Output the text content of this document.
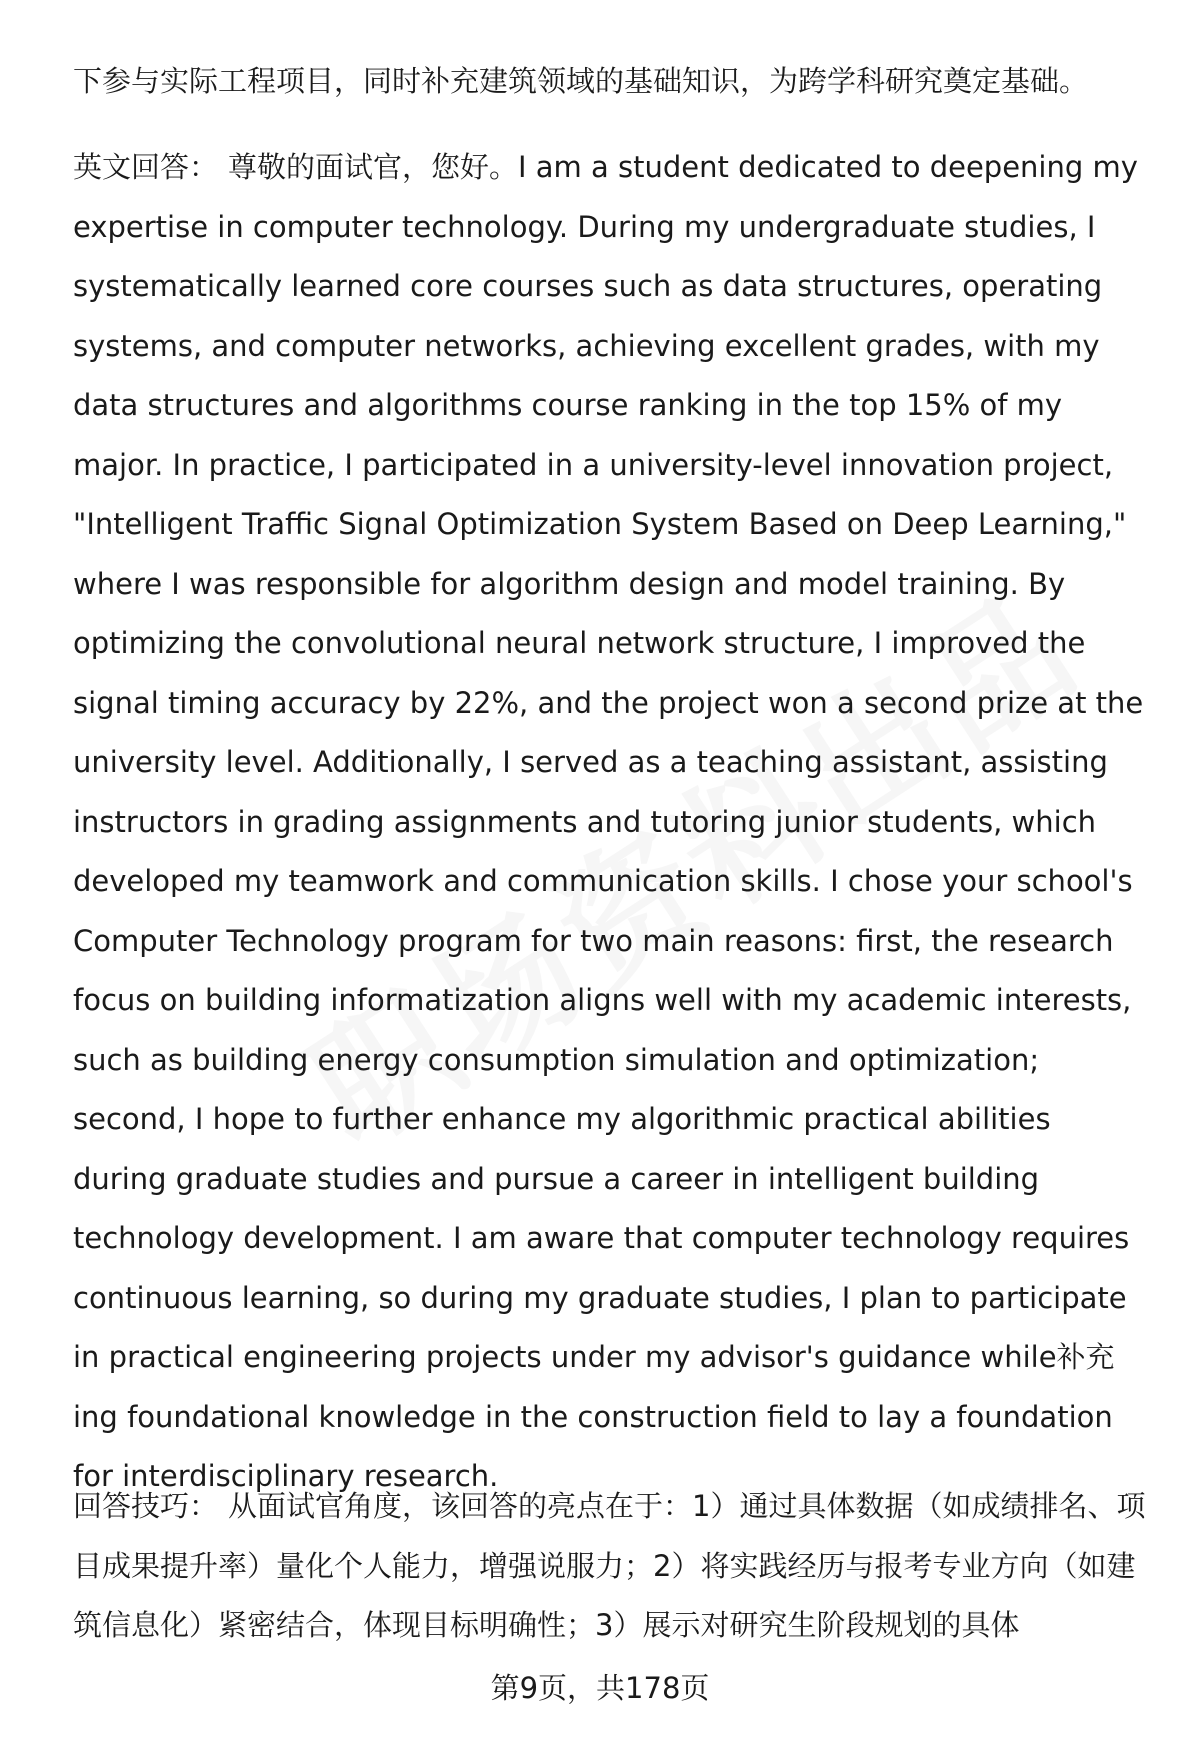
下参与实际工程项目，同时补充建筑领域的基础知识，为跨学科研究奠定基础。

英文回答： 尊敬的面试官，您好。I am a student dedicated to deepening my expertise in computer technology. During my undergraduate studies, I systematically learned core courses such as data structures, operating systems, and computer networks, achieving excellent grades, with my data structures and algorithms course ranking in the top 15% of my major. In practice, I participated in a university-level innovation project, "Intelligent Traffic Signal Optimization System Based on Deep Learning," where I was responsible for algorithm design and model training. By optimizing the convolutional neural network structure, I improved the signal timing accuracy by 22%, and the project won a second prize at the university level. Additionally, I served as a teaching assistant, assisting instructors in grading assignments and tutoring junior students, which developed my teamwork and communication skills. I chose your school's Computer Technology program for two main reasons: first, the research focus on building informatization aligns well with my academic interests, such as building energy consumption simulation and optimization; second, I hope to further enhance my algorithmic practical abilities during graduate studies and pursue a career in intelligent building technology development. I am aware that computer technology requires continuous learning, so during my graduate studies, I plan to participate in practical engineering projects under my advisor's guidance while补充ing foundational knowledge in the construction field to lay a foundation for interdisciplinary research.

回答技巧： 从面试官角度，该回答的亮点在于：1）通过具体数据（如成绩排名、项目成果提升率）量化个人能力，增强说服力；2）将实践经历与报考专业方向（如建筑信息化）紧密结合，体现目标明确性；3）展示对研究生阶段规划的具体

第9页，共178页
